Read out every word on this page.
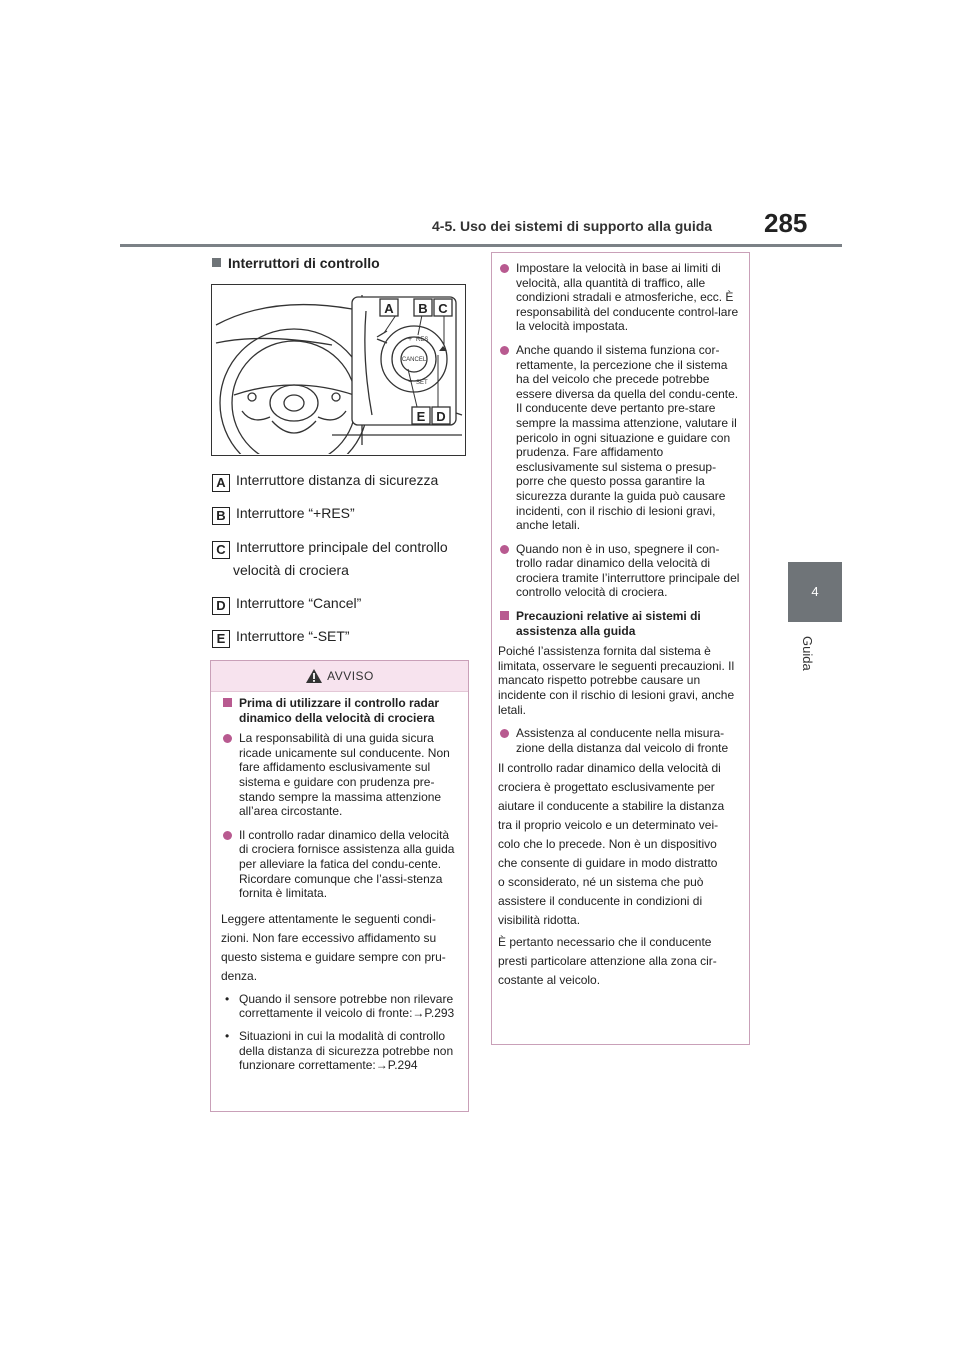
4-5. Uso dei sistemi di supporto alla guida 285
4
Guida
Interruttori di controllo
CANCEL
+ RES
− SET
A B C
E D
A Interruttore distanza di sicurezza
B Interruttore “+RES”
C Interruttore principale del controllo
velocità di crociera
D Interruttore “Cancel”
E Interruttore “-SET”
AVVISO
Prima di utilizzare il controllo radar dinamico della velocità di crociera
La responsabilità di una guida sicura ricade unicamente sul conducente. Non fare affidamento esclusivamente sul sistema e guidare con prudenza pre-stando sempre la massima attenzione all’area circostante.
Il controllo radar dinamico della velocità di crociera fornisce assistenza alla guida per alleviare la fatica del condu-cente. Ricordare comunque che l’assi-stenza fornita è limitata.
Leggere attentamente le seguenti condi-
zioni. Non fare eccessivo affidamento su
questo sistema e guidare sempre con pru-
denza.
• Quando il sensore potrebbe non rilevare correttamente il veicolo di fronte:→P.293
• Situazioni in cui la modalità di controllo della distanza di sicurezza potrebbe non funzionare correttamente:→P.294
Impostare la velocità in base ai limiti di velocità, alla quantità di traffico, alle condizioni stradali e atmosferiche, ecc. È responsabilità del conducente control-lare la velocità impostata.
Anche quando il sistema funziona cor-rettamente, la percezione che il sistema ha del veicolo che precede potrebbe essere diversa da quella del condu-cente. Il conducente deve pertanto pre-stare sempre la massima attenzione, valutare il pericolo in ogni situazione e guidare con prudenza. Fare affidamento esclusivamente sul sistema o presup-porre che questo possa garantire la sicurezza durante la guida può causare incidenti, con il rischio di lesioni gravi, anche letali.
Quando non è in uso, spegnere il con-trollo radar dinamico della velocità di crociera tramite l’interruttore principale del controllo velocità di crociera.
Precauzioni relative ai sistemi di assistenza alla guida
Poiché l’assistenza fornita dal sistema è limitata, osservare le seguenti precauzioni. Il mancato rispetto potrebbe causare un incidente con il rischio di lesioni gravi, anche letali.
Assistenza al conducente nella misura-zione della distanza dal veicolo di fronte
Il controllo radar dinamico della velocità di
crociera è progettato esclusivamente per
aiutare il conducente a stabilire la distanza
tra il proprio veicolo e un determinato vei-
colo che lo precede. Non è un dispositivo
che consente di guidare in modo distratto
o sconsiderato, né un sistema che può
assistere il conducente in condizioni di
visibilità ridotta.
È pertanto necessario che il conducente
presti particolare attenzione alla zona cir-
costante al veicolo.
